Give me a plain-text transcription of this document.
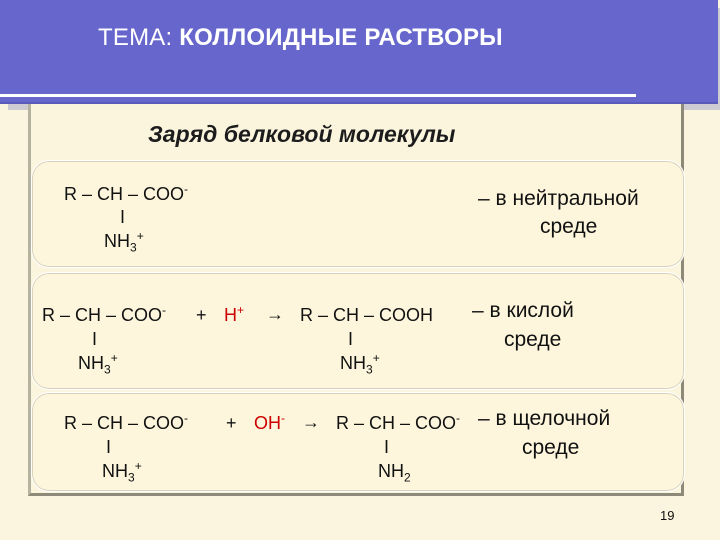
ТЕМА: КОЛЛОИДНЫЕ РАСТВОРЫ
Заряд белковой молекулы
R – CH – COO-
I
$NH_3^+$
– в нейтральной
среде
R – CH – COO- + H+ → R – CH – COOH
I	I
$NH_3^+$	$NH_3^+$
– в кислой
среде
R – CH – COO- + OH- → R – CH – COO-
I	I
$NH_3^+$	$NH_2$
– в щелочной
среде
19
